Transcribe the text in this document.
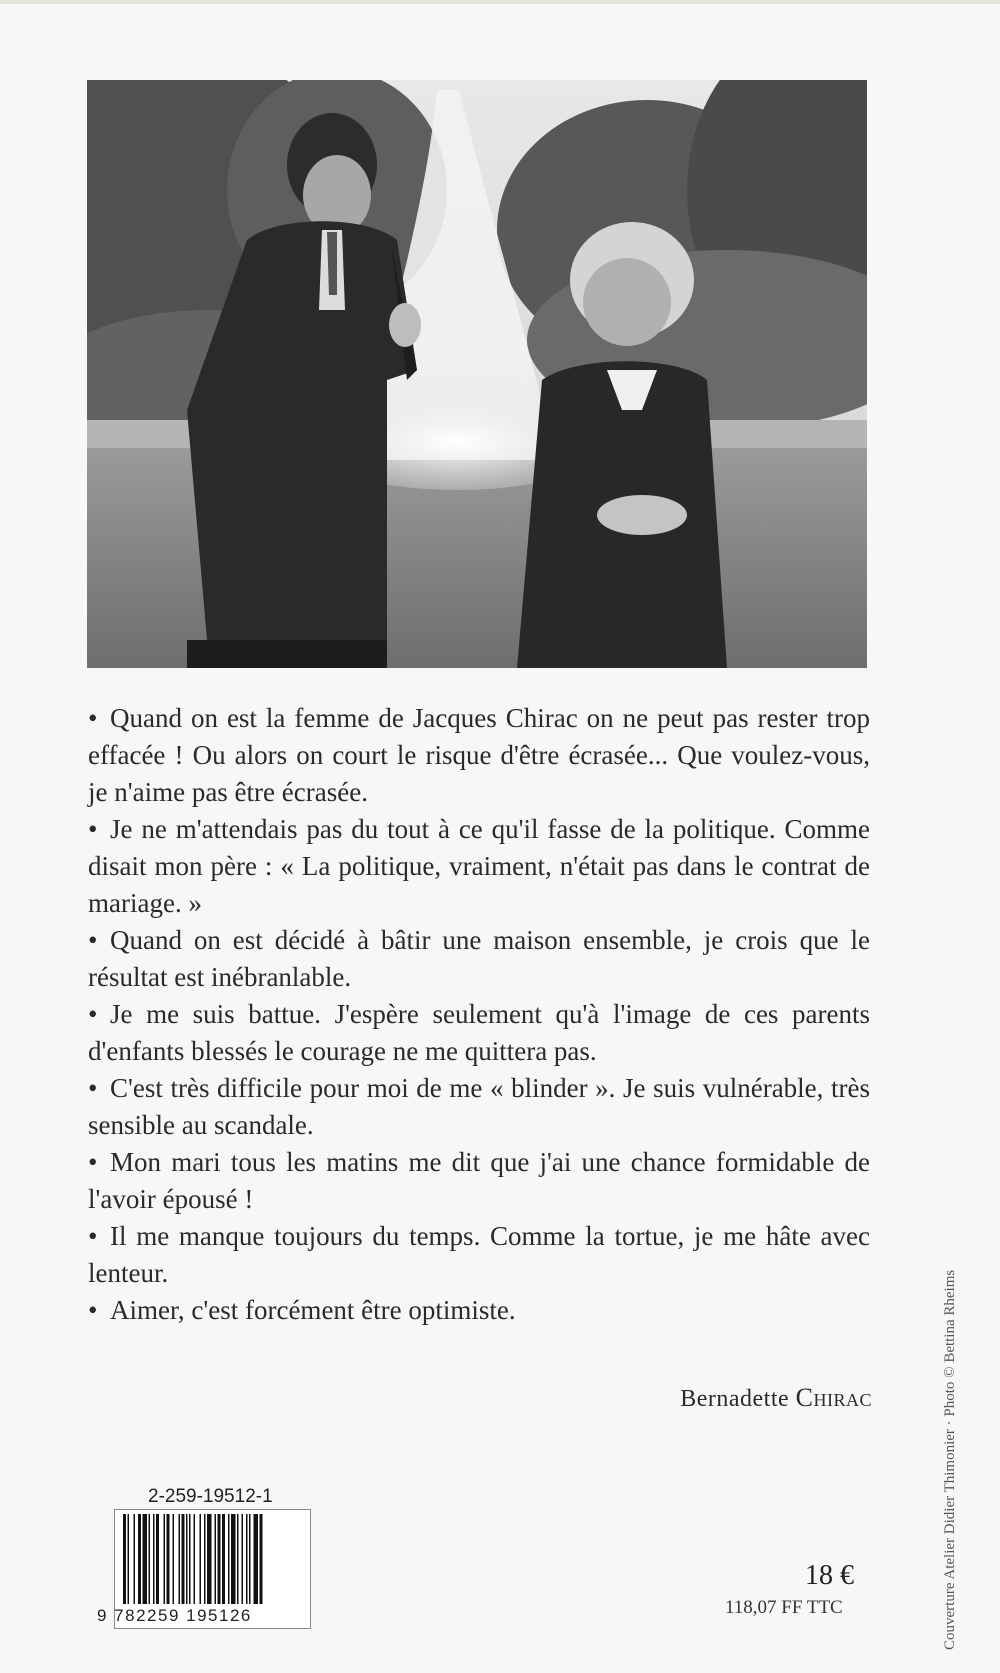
• Quand on est la femme de Jacques Chirac on ne peut pas rester trop effacée ! Ou alors on court le risque d'être écrasée... Que voulez-vous, je n'aime pas être écrasée.

• Je ne m'attendais pas du tout à ce qu'il fasse de la politique. Comme disait mon père : « La politique, vraiment, n'était pas dans le contrat de mariage. »

• Quand on est décidé à bâtir une maison ensemble, je crois que le résultat est inébranlable.

• Je me suis battue. J'espère seulement qu'à l'image de ces parents d'enfants blessés le courage ne me quittera pas.

• C'est très difficile pour moi de me « blinder ». Je suis vulnérable, très sensible au scandale.

• Mon mari tous les matins me dit que j'ai une chance formidable de l'avoir épousé !

• Il me manque toujours du temps. Comme la tortue, je me hâte avec lenteur.

• Aimer, c'est forcément être optimiste.

Bernadette Chirac
2-259-19512-1
9 782259 195126
18 €
118,07 FF TTC	Couverture Atelier Didier Thimonier · Photo © Bettina Rheims
